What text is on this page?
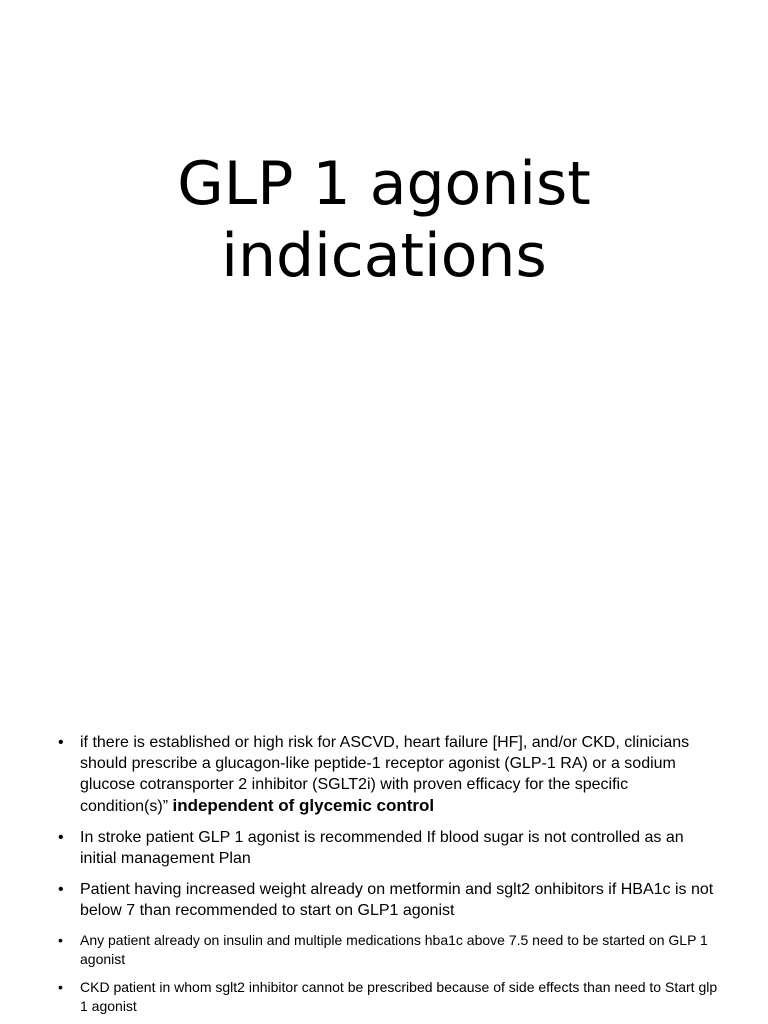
GLP 1 agonist
indications
• if there is established or high risk for ASCVD, heart failure [HF], and/or CKD, clinicians should prescribe a glucagon-like peptide-1 receptor agonist (GLP-1 RA) or a sodium glucose cotransporter 2 inhibitor (SGLT2i) with proven efficacy for the specific condition(s)” independent of glycemic control
• In stroke patient GLP 1 agonist is recommended If blood sugar is not controlled as an initial management Plan
• Patient having increased weight already on metformin and sglt2 onhibitors if HBA1c is not below 7 than recommended to start on GLP1 agonist
• Any patient already on insulin and multiple medications hba1c above 7.5 need to be started on GLP 1 agonist
• CKD patient in whom sglt2 inhibitor cannot be prescribed because of side effects than need to Start glp 1 agonist
